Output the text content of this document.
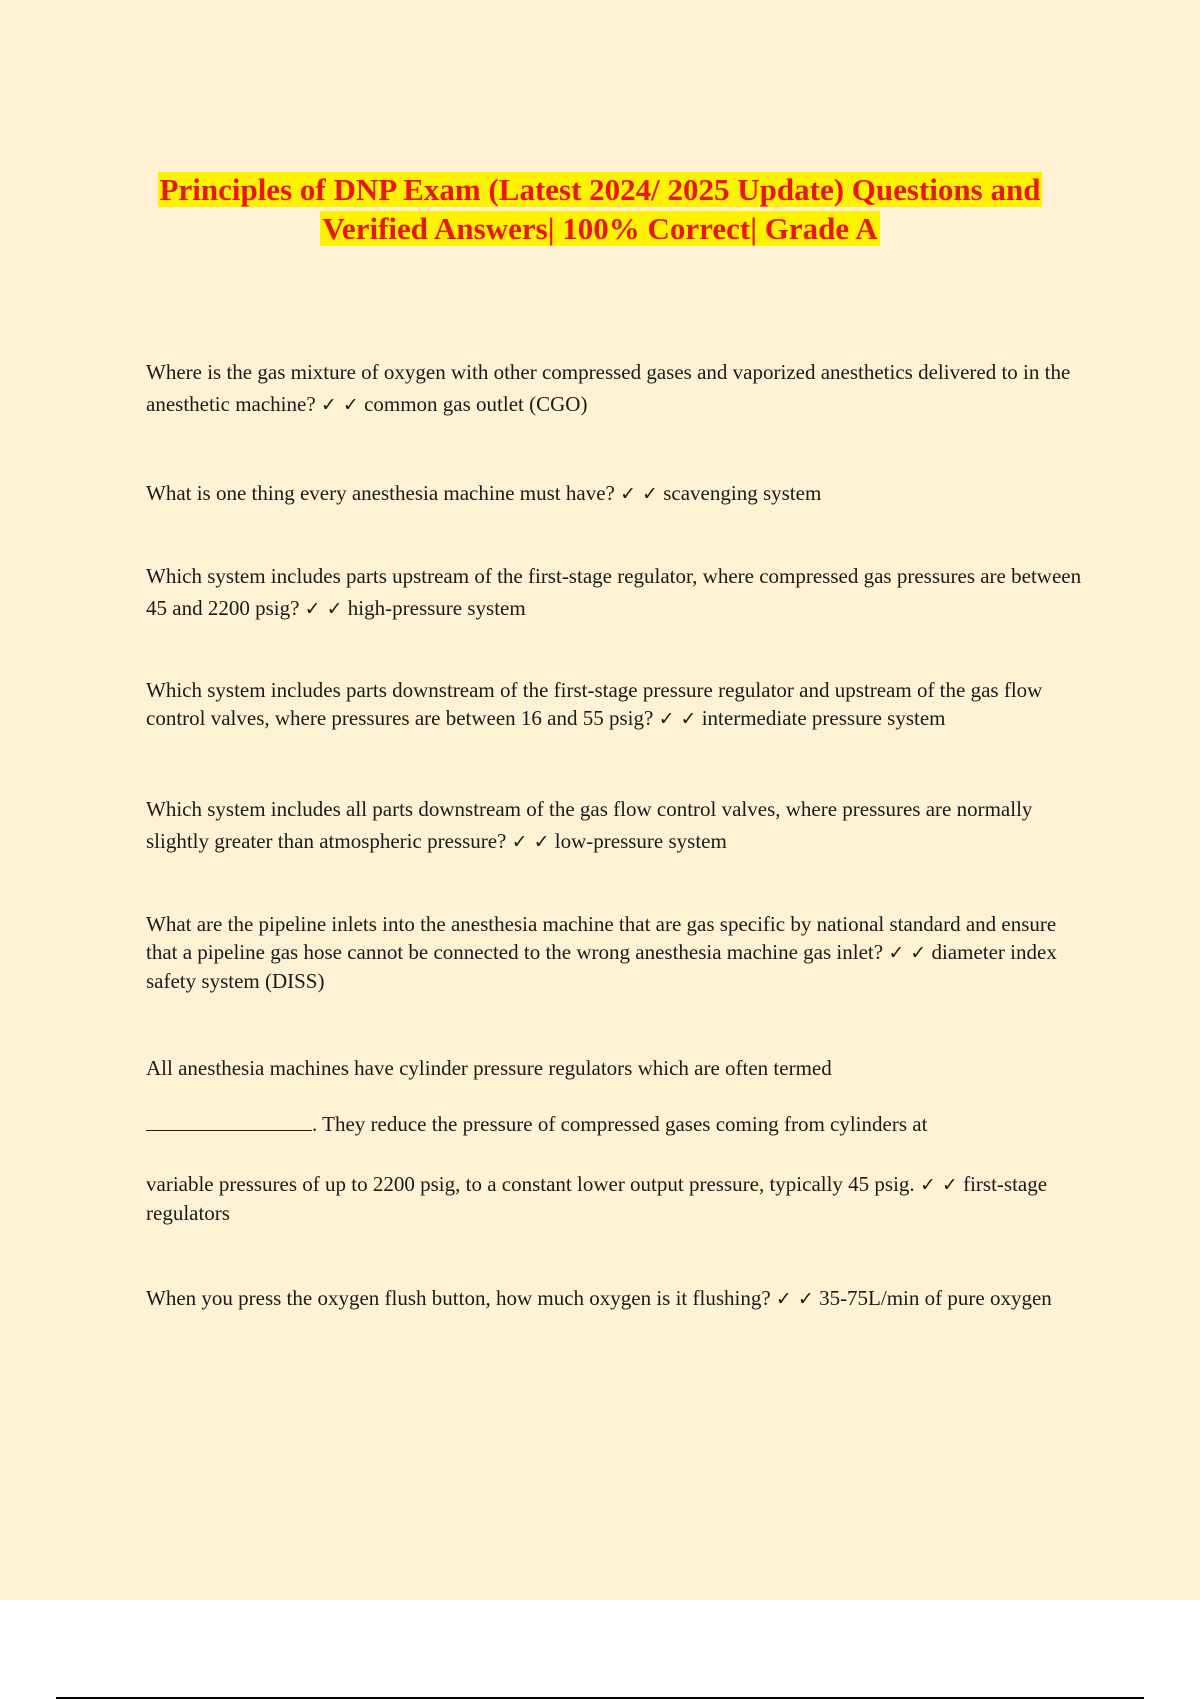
Principles of DNP Exam (Latest 2024/ 2025 Update) Questions and
Verified Answers| 100% Correct| Grade A

Where is the gas mixture of oxygen with other compressed gases and vaporized anesthetics delivered to in the anesthetic machine? ✓ ✓ common gas outlet (CGO)

What is one thing every anesthesia machine must have? ✓ ✓ scavenging system

Which system includes parts upstream of the first-stage regulator, where compressed gas pressures are between 45 and 2200 psig? ✓ ✓ high-pressure system

Which system includes parts downstream of the first-stage pressure regulator and upstream of the gas flow control valves, where pressures are between 16 and 55 psig? ✓ ✓ intermediate pressure system

Which system includes all parts downstream of the gas flow control valves, where pressures are normally slightly greater than atmospheric pressure? ✓ ✓ low-pressure system

What are the pipeline inlets into the anesthesia machine that are gas specific by national standard and ensure that a pipeline gas hose cannot be connected to the wrong anesthesia machine gas inlet? ✓ ✓ diameter index safety system (DISS)

All anesthesia machines have cylinder pressure regulators which are often termed

. They reduce the pressure of compressed gases coming from cylinders at

variable pressures of up to 2200 psig, to a constant lower output pressure, typically 45 psig. ✓ ✓ first-stage regulators

When you press the oxygen flush button, how much oxygen is it flushing? ✓ ✓ 35-75L/min of pure oxygen
